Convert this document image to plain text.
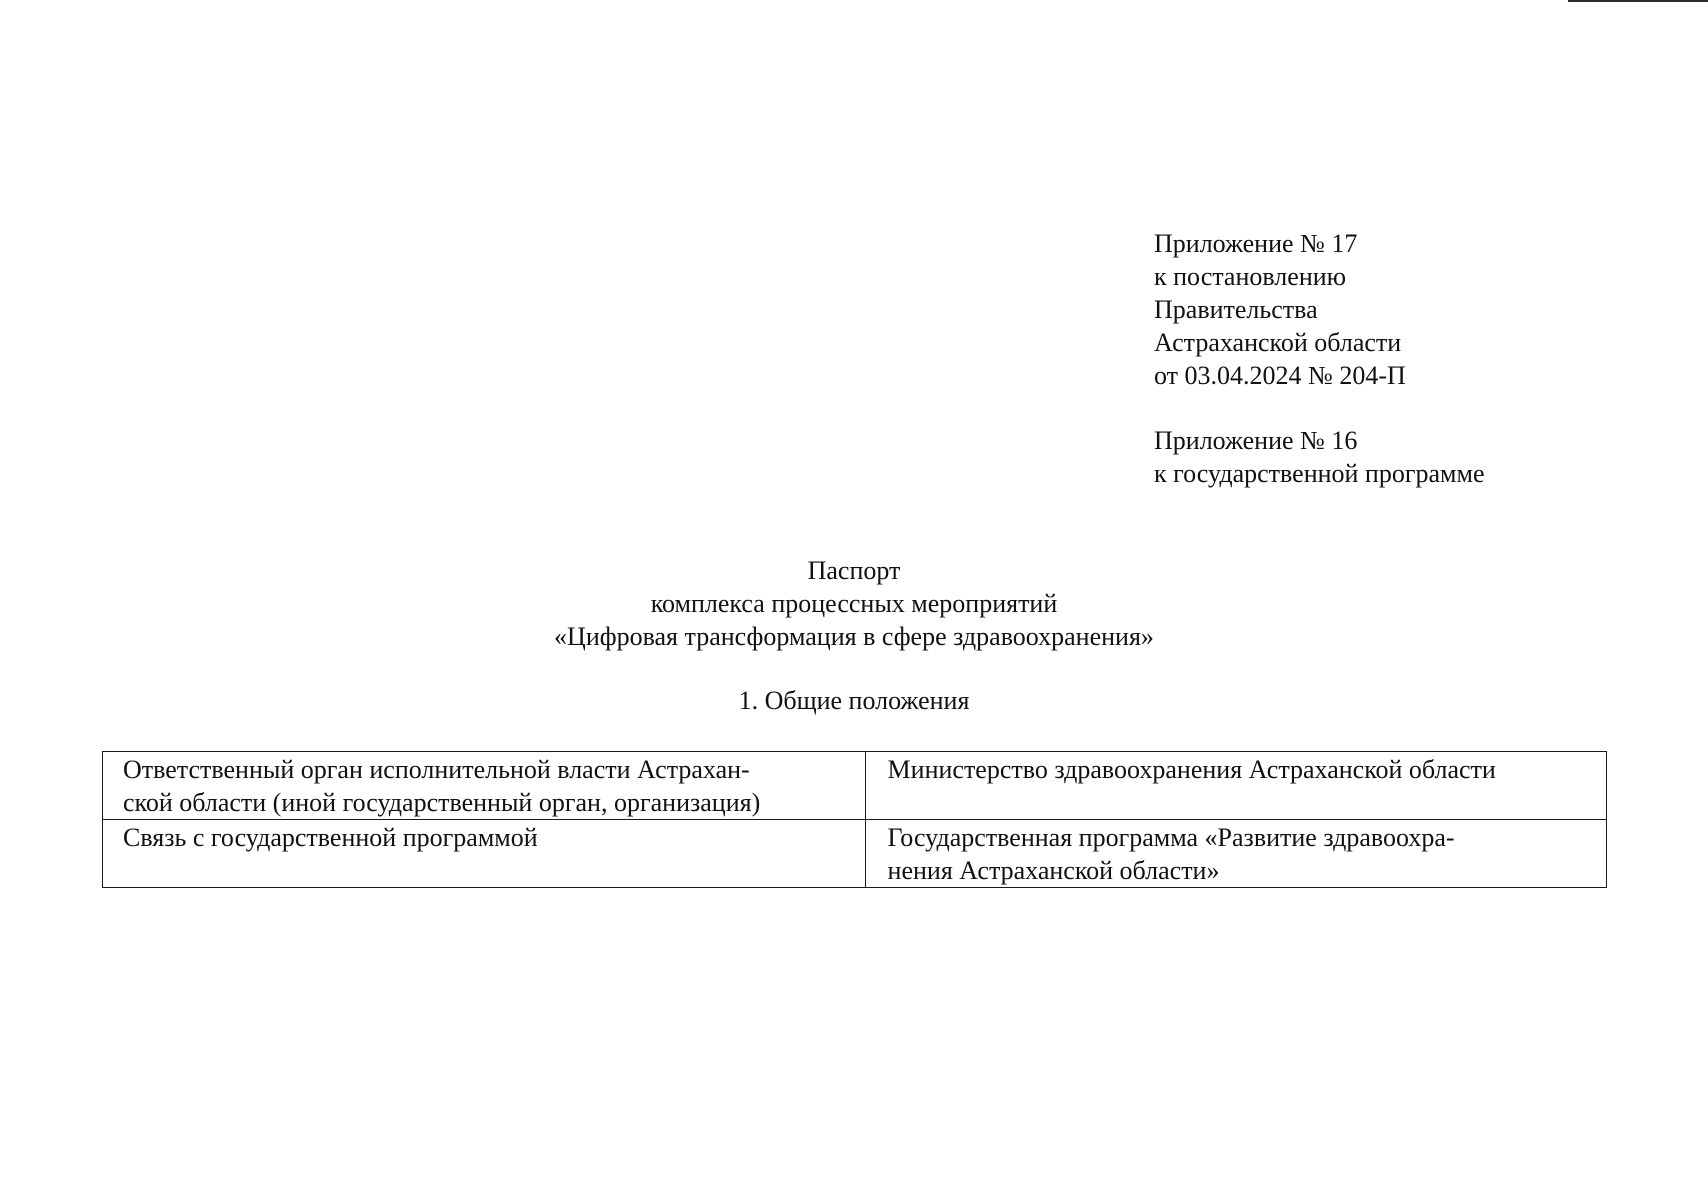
Приложение № 17
к постановлению
Правительства
Астраханской области
от 03.04.2024 № 204-П
Приложение № 16
к государственной программе
Паспорт
комплекса процессных мероприятий
«Цифровая трансформация в сфере здравоохранения»
1. Общие положения
Ответственный орган исполнительной власти Астрахан-
ской области (иной государственный орган, организация)	Министерство здравоохранения Астраханской области

Связь с государственной программой	Государственная программа «Развитие здравоохра-
нения Астраханской области»
